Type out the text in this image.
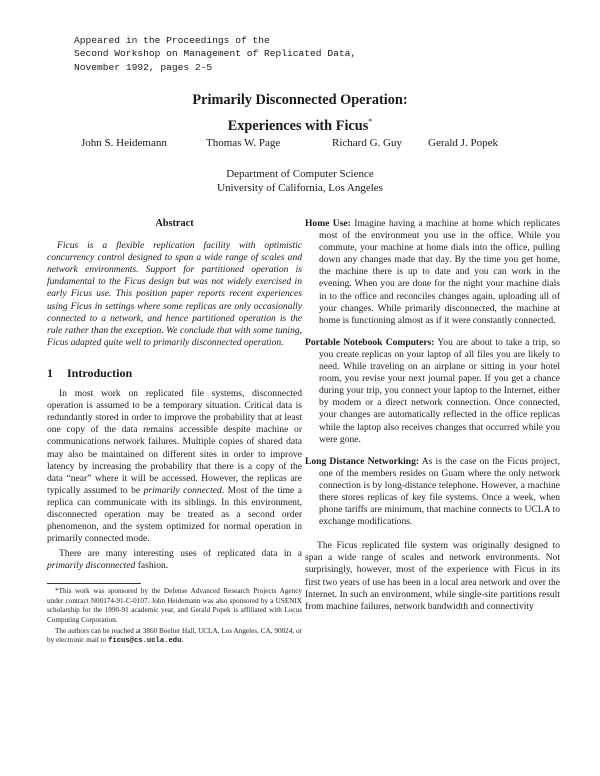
Appeared in the Proceedings of the
Second Workshop on Management of Replicated Data,
November 1992, pages 2-5
Primarily Disconnected Operation:
Experiences with Ficus*
John S. Heidemann	Thomas W. Page	Richard G. Guy Gerald J. Popek
Department of Computer Science
University of California, Los Angeles
Abstract

Ficus is a flexible replication facility with optimistic concurrency control designed to span a wide range of scales and network environments. Support for partitioned operation is fundamental to the Ficus design but was not widely exercised in early Ficus use. This position paper reports recent experiences using Ficus in settings where some replicas are only occasionally connected to a network, and hence partitioned operation is the rule rather than the exception. We conclude that with some tuning, Ficus adapted quite well to primarily disconnected operation.

1 Introduction

In most work on replicated file systems, disconnected operation is assumed to be a temporary situation. Critical data is redundantly stored in order to improve the probability that at least one copy of the data remains accessible despite machine or communications network failures. Multiple copies of shared data may also be maintained on different sites in order to improve latency by increasing the probability that there is a copy of the data “near” where it will be accessed. However, the replicas are typically assumed to be primarily connected. Most of the time a replica can communicate with its siblings. In this environment, disconnected operation may be treated as a second order phenomenon, and the system optimized for normal operation in primarily connected mode.

There are many interesting uses of replicated data in a primarily disconnected fashion.

*This work was sponsored by the Defense Advanced Research Projects Agency under contract N00174-91-C-0107. John Heidemann was also sponsored by a USENIX scholarship for the 1990-91 academic year, and Gerald Popek is affiliated with Locus Computing Corporation.

The authors can be reached at 3860 Boelter Hall, UCLA, Los Angeles, CA, 90024, or by electronic mail to ficus@cs.ucla.edu.

Home Use: Imagine having a machine at home which replicates most of the environment you use in the office. While you commute, your machine at home dials into the office, pulling down any changes made that day. By the time you get home, the machine there is up to date and you can work in the evening. When you are done for the night your machine dials in to the office and reconciles changes again, uploading all of your changes. While primarily disconnected, the machine at home is functioning almost as if it were constantly connected.

Portable Notebook Computers: You are about to take a trip, so you create replicas on your laptop of all files you are likely to need. While traveling on an airplane or sitting in your hotel room, you revise your next journal paper. If you get a chance during your trip, you connect your laptop to the Internet, either by modem or a direct network connection. Once connected, your changes are automatically reflected in the office replicas while the laptop also receives changes that occurred while you were gone.

Long Distance Networking: As is the case on the Ficus project, one of the members resides on Guam where the only network connection is by long-distance telephone. However, a machine there stores replicas of key file systems. Once a week, when phone tariffs are minimum, that machine connects to UCLA to exchange modifications.

The Ficus replicated file system was originally designed to span a wide range of scales and network environments. Not surprisingly, however, most of the experience with Ficus in its first two years of use has been in a local area network and over the Internet. In such an environment, while single-site partitions result from machine failures, network bandwidth and connectivity
